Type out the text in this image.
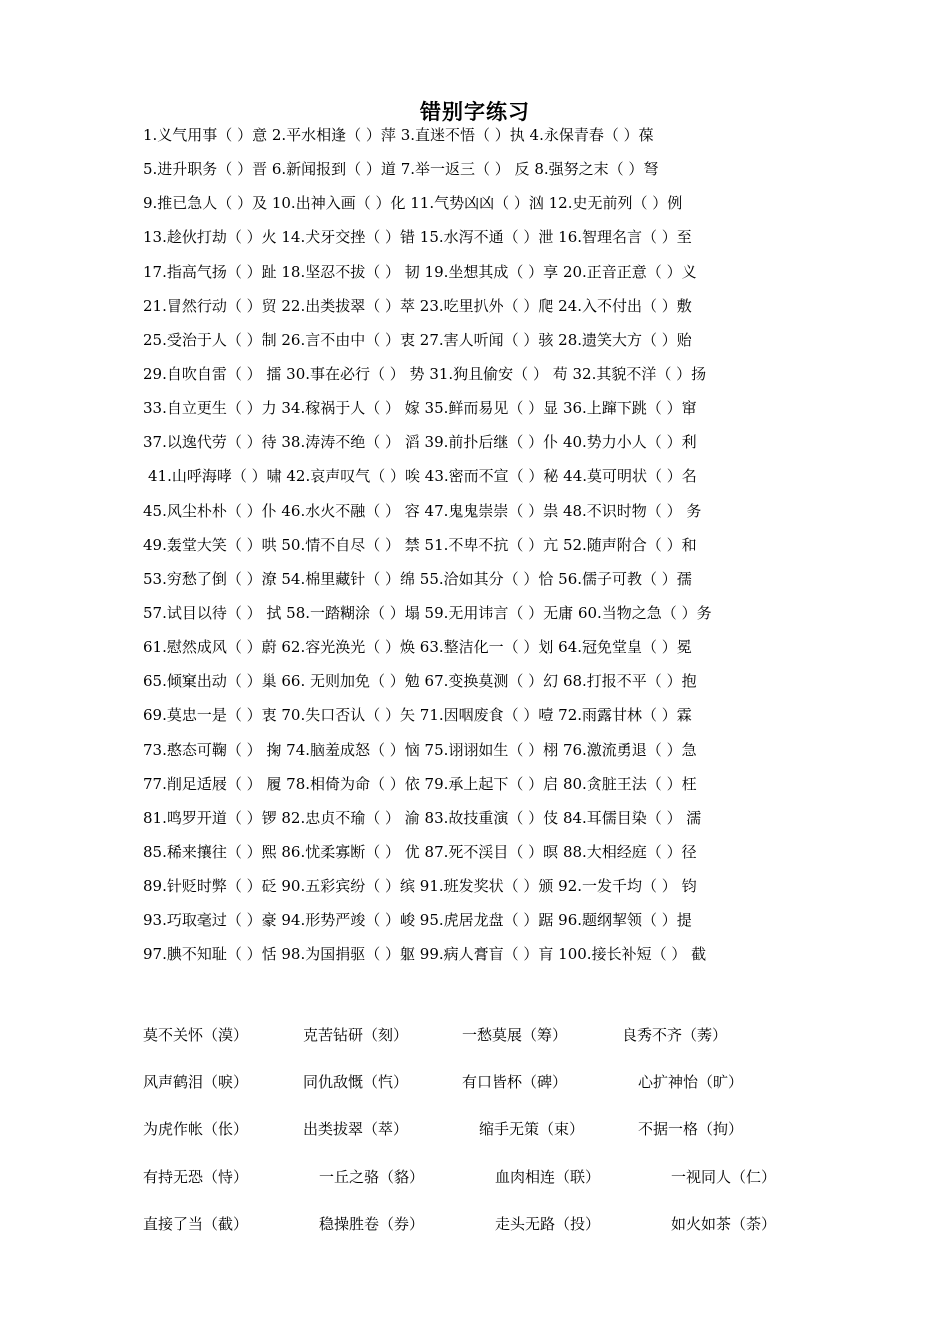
错别字练习
1.义气用事（ ）意 2.平水相逢（ ）萍 3.直迷不悟（ ）执 4.永保青春（ ）葆
5.进升职务（ ）晋 6.新闻报到（ ）道 7.举一返三（ ） 反 8.强努之末（ ）弩
9.推已急人（ ）及 10.出神入画（ ）化 11.气势凶凶（ ）汹 12.史无前列（ ）例
13.趁伙打劫（ ）火 14.犬牙交挫（ ）错 15.水泻不通（ ）泄 16.智理名言（ ）至
17.指高气扬（ ）趾 18.坚忍不拔（ ） 韧 19.坐想其成（ ）享 20.正音正意（ ）义
21.冒然行动（ ）贸 22.出类拔翠（ ）萃 23.吃里扒外（ ）爬 24.入不付出（ ）敷
25.受治于人（ ）制 26.言不由中（ ）衷 27.害人听闻（ ）骇 28.遗笑大方（ ）贻
29.自吹自雷（ ） 擂 30.事在必行（ ） 势 31.狗且偷安（ ） 苟 32.其貌不洋（ ）扬
33.自立更生（ ）力 34.稼祸于人（ ） 嫁 35.鲜而易见（ ）显 36.上蹿下跳（ ）窜
37.以逸代劳（ ）待 38.涛涛不绝（ ） 滔 39.前扑后继（ ）仆 40.势力小人（ ）利
41.山呼海哮（ ）啸 42.哀声叹气（ ）唉 43.密而不宣（ ）秘 44.莫可明状（ ）名
45.风尘朴朴（ ）仆 46.水火不融（ ） 容 47.鬼鬼崇崇（ ）祟 48.不识时物（ ） 务
49.轰堂大笑（ ）哄 50.情不自尽（ ） 禁 51.不卑不抗（ ）亢 52.随声附合（ ）和
53.穷愁了倒（ ）潦 54.棉里藏针（ ）绵 55.洽如其分（ ）恰 56.儒子可教（ ）孺
57.试目以待（ ） 拭 58.一踏糊涂（ ）塌 59.无用讳言（ ）无庸 60.当物之急（ ）务
61.慰然成风（ ）蔚 62.容光涣光（ ）焕 63.整洁化一（ ）划 64.冠免堂皇（ ）冕
65.倾窠出动（ ）巢 66. 无则加免（ ）勉 67.变换莫测（ ）幻 68.打报不平（ ）抱
69.莫忠一是（ ）衷 70.失口否认（ ）矢 71.因咽废食（ ）噎 72.雨露甘林（ ）霖
73.憨态可鞠（ ） 掬 74.脑羞成怒（ ）恼 75.诩诩如生（ ）栩 76.激流勇退（ ）急
77.削足适屐（ ） 履 78.相倚为命（ ）依 79.承上起下（ ）启 80.贪脏王法（ ）枉
81.鸣罗开道（ ）锣 82.忠贞不瑜（ ） 渝 83.故技重演（ ）伎 84.耳儒目染（ ） 濡
85.稀来攘往（ ）熙 86.忧柔寡断（ ） 优 87.死不渓目（ ）暝 88.大相经庭（ ）径
89.针贬时弊（ ）砭 90.五彩宾纷（ ）缤 91.班发奖状（ ）颁 92.一发千均（ ） 钧
93.巧取毫过（ ）豪 94.形势严竣（ ）峻 95.虎居龙盘（ ）踞 96.题纲挈领（ ）提
97.腆不知耻（ ）恬 98.为国捐驱（ ）躯 99.病人膏盲（ ）肓 100.接长补短（ ） 截
莫不关怀（漠）	克苦钻研（刻）	一愁莫展（筹）	良秀不齐（莠）
风声鹤泪（唳）	同仇敌慨（忾）	有口皆杯（碑）	心扩神怡（旷）
为虎作帐（伥）	出类拔翠（萃）	缩手无策（束）	不据一格（拘）
有持无恐（恃）	一丘之骆（貉）	血肉相连（联）	一视同人（仁）
直接了当（截）	稳操胜卷（券）	走头无路（投）	如火如茶（荼）
